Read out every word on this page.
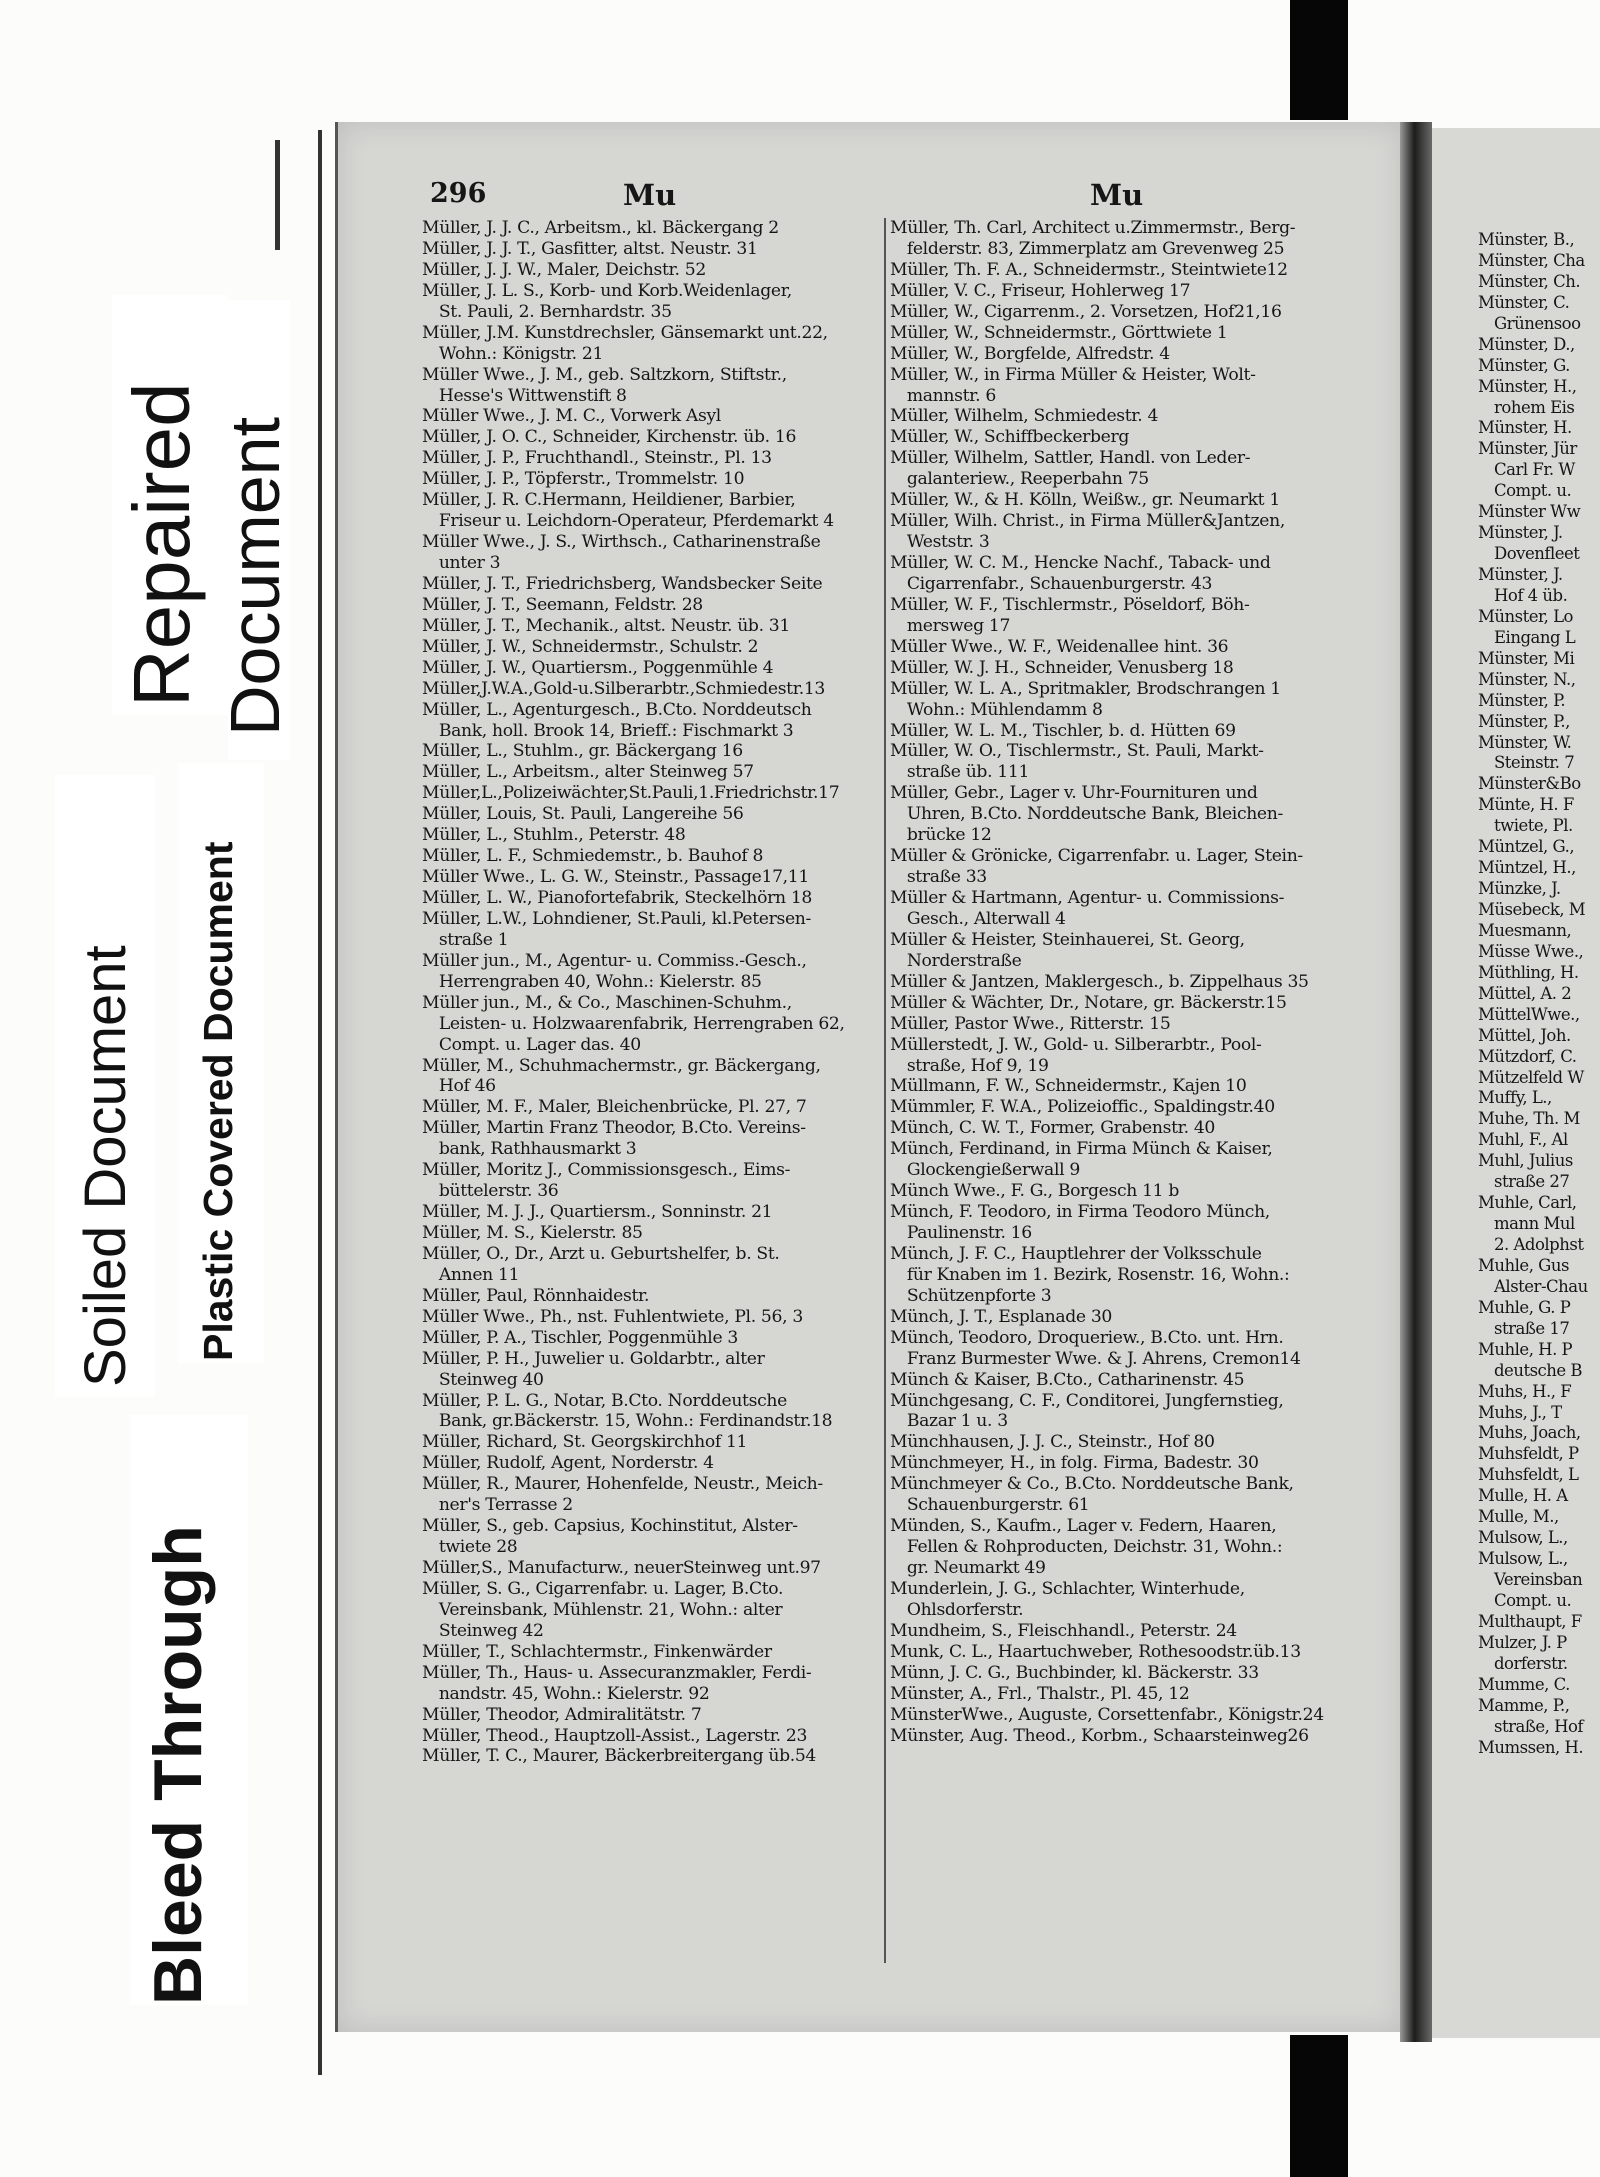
Bleed Through
Soiled Document Plastic Covered Document
Repaired Document
296	Mu	Mu
Müller, J. J. C., Arbeitsm., kl. Bäckergang 2
Müller, J. J. T., Gasfitter, altst. Neustr. 31
Müller, J. J. W., Maler, Deichstr. 52
Müller, J. L. S., Korb- und Korb.Weidenlager,
 St. Pauli, 2. Bernhardstr. 35
Müller, J.M. Kunstdrechsler, Gänsemarkt unt.22,
 Wohn.: Königstr. 21
Müller Wwe., J. M., geb. Saltzkorn, Stiftstr.,
 Hesse's Wittwenstift 8
Müller Wwe., J. M. C., Vorwerk Asyl
Müller, J. O. C., Schneider, Kirchenstr. üb. 16
Müller, J. P., Fruchthandl., Steinstr., Pl. 13
Müller, J. P., Töpferstr., Trommelstr. 10
Müller, J. R. C.Hermann, Heildiener, Barbier,
 Friseur u. Leichdorn-Operateur, Pferdemarkt 4
Müller Wwe., J. S., Wirthsch., Catharinenstraße
 unter 3
Müller, J. T., Friedrichsberg, Wandsbecker Seite
Müller, J. T., Seemann, Feldstr. 28
Müller, J. T., Mechanik., altst. Neustr. üb. 31
Müller, J. W., Schneidermstr., Schulstr. 2
Müller, J. W., Quartiersm., Poggenmühle 4
Müller,J.W.A.,Gold-u.Silberarbtr.,Schmiedestr.13
Müller, L., Agenturgesch., B.Cto. Norddeutsch
 Bank, holl. Brook 14, Brieff.: Fischmarkt 3
Müller, L., Stuhlm., gr. Bäckergang 16
Müller, L., Arbeitsm., alter Steinweg 57
Müller,L.,Polizeiwächter,St.Pauli,1.Friedrichstr.17
Müller, Louis, St. Pauli, Langereihe 56
Müller, L., Stuhlm., Peterstr. 48
Müller, L. F., Schmiedemstr., b. Bauhof 8
Müller Wwe., L. G. W., Steinstr., Passage17,11
Müller, L. W., Pianofortefabrik, Steckelhörn 18
Müller, L.W., Lohndiener, St.Pauli, kl.Petersen-
 straße 1
Müller jun., M., Agentur- u. Commiss.-Gesch.,
 Herrengraben 40, Wohn.: Kielerstr. 85
Müller jun., M., & Co., Maschinen-Schuhm.,
 Leisten- u. Holzwaarenfabrik, Herrengraben 62,
 Compt. u. Lager das. 40
Müller, M., Schuhmachermstr., gr. Bäckergang,
 Hof 46
Müller, M. F., Maler, Bleichenbrücke, Pl. 27, 7
Müller, Martin Franz Theodor, B.Cto. Vereins-
 bank, Rathhausmarkt 3
Müller, Moritz J., Commissionsgesch., Eims-
 büttelerstr. 36
Müller, M. J. J., Quartiersm., Sonninstr. 21
Müller, M. S., Kielerstr. 85
Müller, O., Dr., Arzt u. Geburtshelfer, b. St.
 Annen 11
Müller, Paul, Rönnhaidestr.
Müller Wwe., Ph., nst. Fuhlentwiete, Pl. 56, 3
Müller, P. A., Tischler, Poggenmühle 3
Müller, P. H., Juwelier u. Goldarbtr., alter
 Steinweg 40
Müller, P. L. G., Notar, B.Cto. Norddeutsche
 Bank, gr.Bäckerstr. 15, Wohn.: Ferdinandstr.18
Müller, Richard, St. Georgskirchhof 11
Müller, Rudolf, Agent, Norderstr. 4
Müller, R., Maurer, Hohenfelde, Neustr., Meich-
 ner's Terrasse 2
Müller, S., geb. Capsius, Kochinstitut, Alster-
 twiete 28
Müller,S., Manufacturw., neuerSteinweg unt.97
Müller, S. G., Cigarrenfabr. u. Lager, B.Cto.
 Vereinsbank, Mühlenstr. 21, Wohn.: alter
 Steinweg 42
Müller, T., Schlachtermstr., Finkenwärder
Müller, Th., Haus- u. Assecuranzmakler, Ferdi-
 nandstr. 45, Wohn.: Kielerstr. 92
Müller, Theodor, Admiralitätstr. 7
Müller, Theod., Hauptzoll-Assist., Lagerstr. 23
Müller, T. C., Maurer, Bäckerbreitergang üb.54
Müller, Th. Carl, Architect u.Zimmermstr., Berg-
 felderstr. 83, Zimmerplatz am Grevenweg 25
Müller, Th. F. A., Schneidermstr., Steintwiete12
Müller, V. C., Friseur, Hohlerweg 17
Müller, W., Cigarrenm., 2. Vorsetzen, Hof21,16
Müller, W., Schneidermstr., Görttwiete 1
Müller, W., Borgfelde, Alfredstr. 4
Müller, W., in Firma Müller & Heister, Wolt-
 mannstr. 6
Müller, Wilhelm, Schmiedestr. 4
Müller, W., Schiffbeckerberg
Müller, Wilhelm, Sattler, Handl. von Leder-
 galanteriew., Reeperbahn 75
Müller, W., & H. Kölln, Weißw., gr. Neumarkt 1
Müller, Wilh. Christ., in Firma Müller&Jantzen,
 Weststr. 3
Müller, W. C. M., Hencke Nachf., Taback- und
 Cigarrenfabr., Schauenburgerstr. 43
Müller, W. F., Tischlermstr., Pöseldorf, Böh-
 mersweg 17
Müller Wwe., W. F., Weidenallee hint. 36
Müller, W. J. H., Schneider, Venusberg 18
Müller, W. L. A., Spritmakler, Brodschrangen 1
 Wohn.: Mühlendamm 8
Müller, W. L. M., Tischler, b. d. Hütten 69
Müller, W. O., Tischlermstr., St. Pauli, Markt-
 straße üb. 111
Müller, Gebr., Lager v. Uhr-Fournituren und
 Uhren, B.Cto. Norddeutsche Bank, Bleichen-
 brücke 12
Müller & Grönicke, Cigarrenfabr. u. Lager, Stein-
 straße 33
Müller & Hartmann, Agentur- u. Commissions-
 Gesch., Alterwall 4
Müller & Heister, Steinhauerei, St. Georg,
 Norderstraße
Müller & Jantzen, Maklergesch., b. Zippelhaus 35
Müller & Wächter, Dr., Notare, gr. Bäckerstr.15
Müller, Pastor Wwe., Ritterstr. 15
Müllerstedt, J. W., Gold- u. Silberarbtr., Pool-
 straße, Hof 9, 19
Müllmann, F. W., Schneidermstr., Kajen 10
Mümmler, F. W.A., Polizeioffic., Spaldingstr.40
Münch, C. W. T., Former, Grabenstr. 40
Münch, Ferdinand, in Firma Münch & Kaiser,
 Glockengießerwall 9
Münch Wwe., F. G., Borgesch 11 b
Münch, F. Teodoro, in Firma Teodoro Münch,
 Paulinenstr. 16
Münch, J. F. C., Hauptlehrer der Volksschule
 für Knaben im 1. Bezirk, Rosenstr. 16, Wohn.:
 Schützenpforte 3
Münch, J. T., Esplanade 30
Münch, Teodoro, Droqueriew., B.Cto. unt. Hrn.
 Franz Burmester Wwe. & J. Ahrens, Cremon14
Münch & Kaiser, B.Cto., Catharinenstr. 45
Münchgesang, C. F., Conditorei, Jungfernstieg,
 Bazar 1 u. 3
Münchhausen, J. J. C., Steinstr., Hof 80
Münchmeyer, H., in folg. Firma, Badestr. 30
Münchmeyer & Co., B.Cto. Norddeutsche Bank,
 Schauenburgerstr. 61
Münden, S., Kaufm., Lager v. Federn, Haaren,
 Fellen & Rohproducten, Deichstr. 31, Wohn.:
 gr. Neumarkt 49
Munderlein, J. G., Schlachter, Winterhude,
 Ohlsdorferstr.
Mundheim, S., Fleischhandl., Peterstr. 24
Munk, C. L., Haartuchweber, Rothesoodstr.üb.13
Münn, J. C. G., Buchbinder, kl. Bäckerstr. 33
Münster, A., Frl., Thalstr., Pl. 45, 12
MünsterWwe., Auguste, Corsettenfabr., Königstr.24
Münster, Aug. Theod., Korbm., Schaarsteinweg26
Münster, B.,
Münster, Cha
Münster, Ch.
Münster, C.
 Grünensoo
Münster, D.,
Münster, G.
Münster, H.,
 rohem Eis
Münster, H.
Münster, Jür
 Carl Fr. W
 Compt. u.
Münster Ww
Münster, J.
 Dovenfleet
Münster, J.
 Hof 4 üb.
Münster, Lo
 Eingang L
Münster, Mi
Münster, N.,
Münster, P.
Münster, P.,
Münster, W.
 Steinstr. 7
Münster&Bo
Münte, H. F
 twiete, Pl.
Müntzel, G.,
Müntzel, H.,
Münzke, J.
Müsebeck, M
Muesmann,
Müsse Wwe.,
Müthling, H.
Müttel, A. 2
MüttelWwe.,
Müttel, Joh.
Mützdorf, C.
Mützelfeld W
Muffy, L.,
Muhe, Th. M
Muhl, F., Al
Muhl, Julius
 straße 27
Muhle, Carl,
 mann Mul
 2. Adolphst
Muhle, Gus
 Alster-Chau
Muhle, G. P
 straße 17
Muhle, H. P
 deutsche B
Muhs, H., F
Muhs, J., T
Muhs, Joach,
Muhsfeldt, P
Muhsfeldt, L
Mulle, H. A
Mulle, M.,
Mulsow, L.,
Mulsow, L.,
 Vereinsban
 Compt. u.
Multhaupt, F
Mulzer, J. P
 dorferstr.
Mumme, C.
Mamme, P.,
 straße, Hof
Mumssen, H.
